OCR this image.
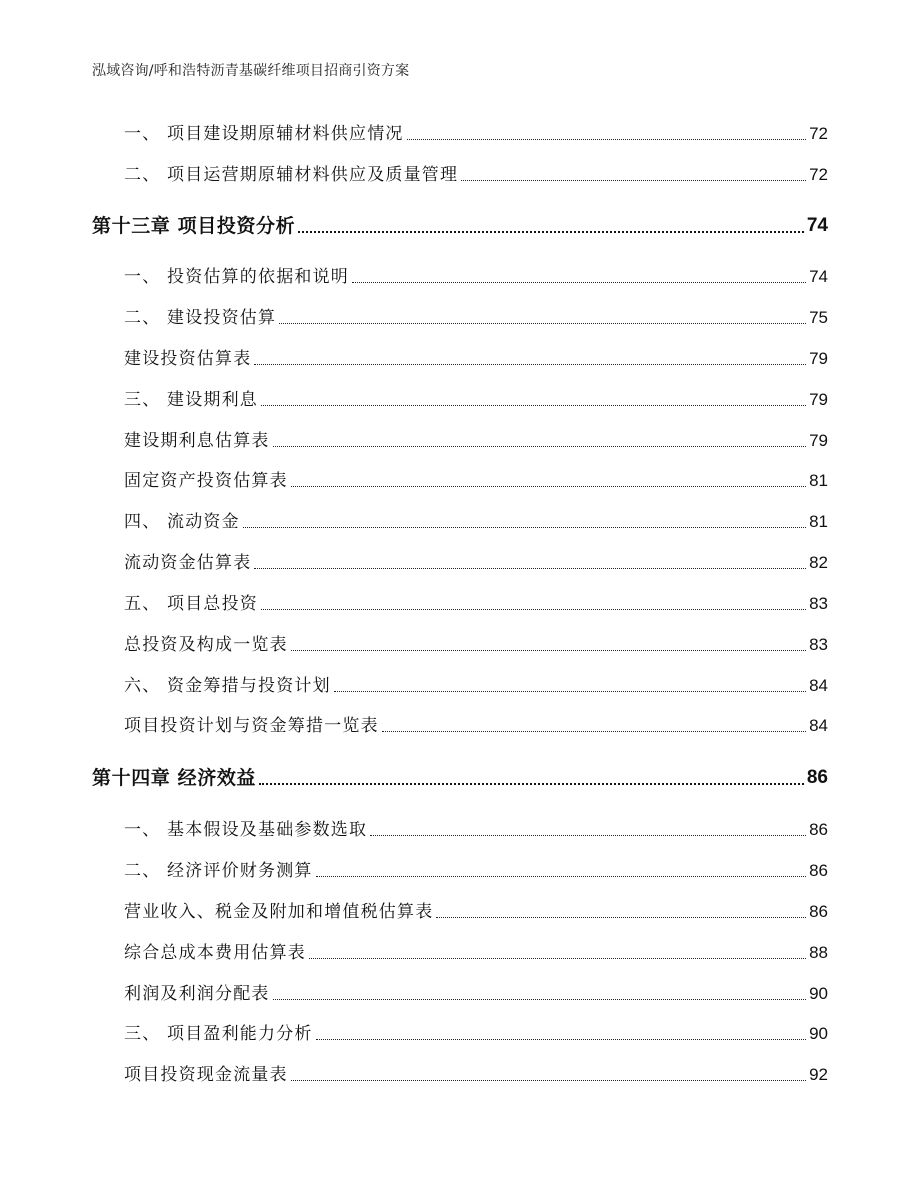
泓域咨询/呼和浩特沥青基碳纤维项目招商引资方案
一、 项目建设期原辅材料供应情况	72
二、 项目运营期原辅材料供应及质量管理	72
第十三章 项目投资分析	74
一、 投资估算的依据和说明	74
二、 建设投资估算	75
建设投资估算表	79
三、 建设期利息	79
建设期利息估算表	79
固定资产投资估算表	81
四、 流动资金	81
流动资金估算表	82
五、 项目总投资	83
总投资及构成一览表	83
六、 资金筹措与投资计划	84
项目投资计划与资金筹措一览表	84
第十四章 经济效益	86
一、 基本假设及基础参数选取	86
二、 经济评价财务测算	86
营业收入、税金及附加和增值税估算表	86
综合总成本费用估算表	88
利润及利润分配表	90
三、 项目盈利能力分析	90
项目投资现金流量表	92
